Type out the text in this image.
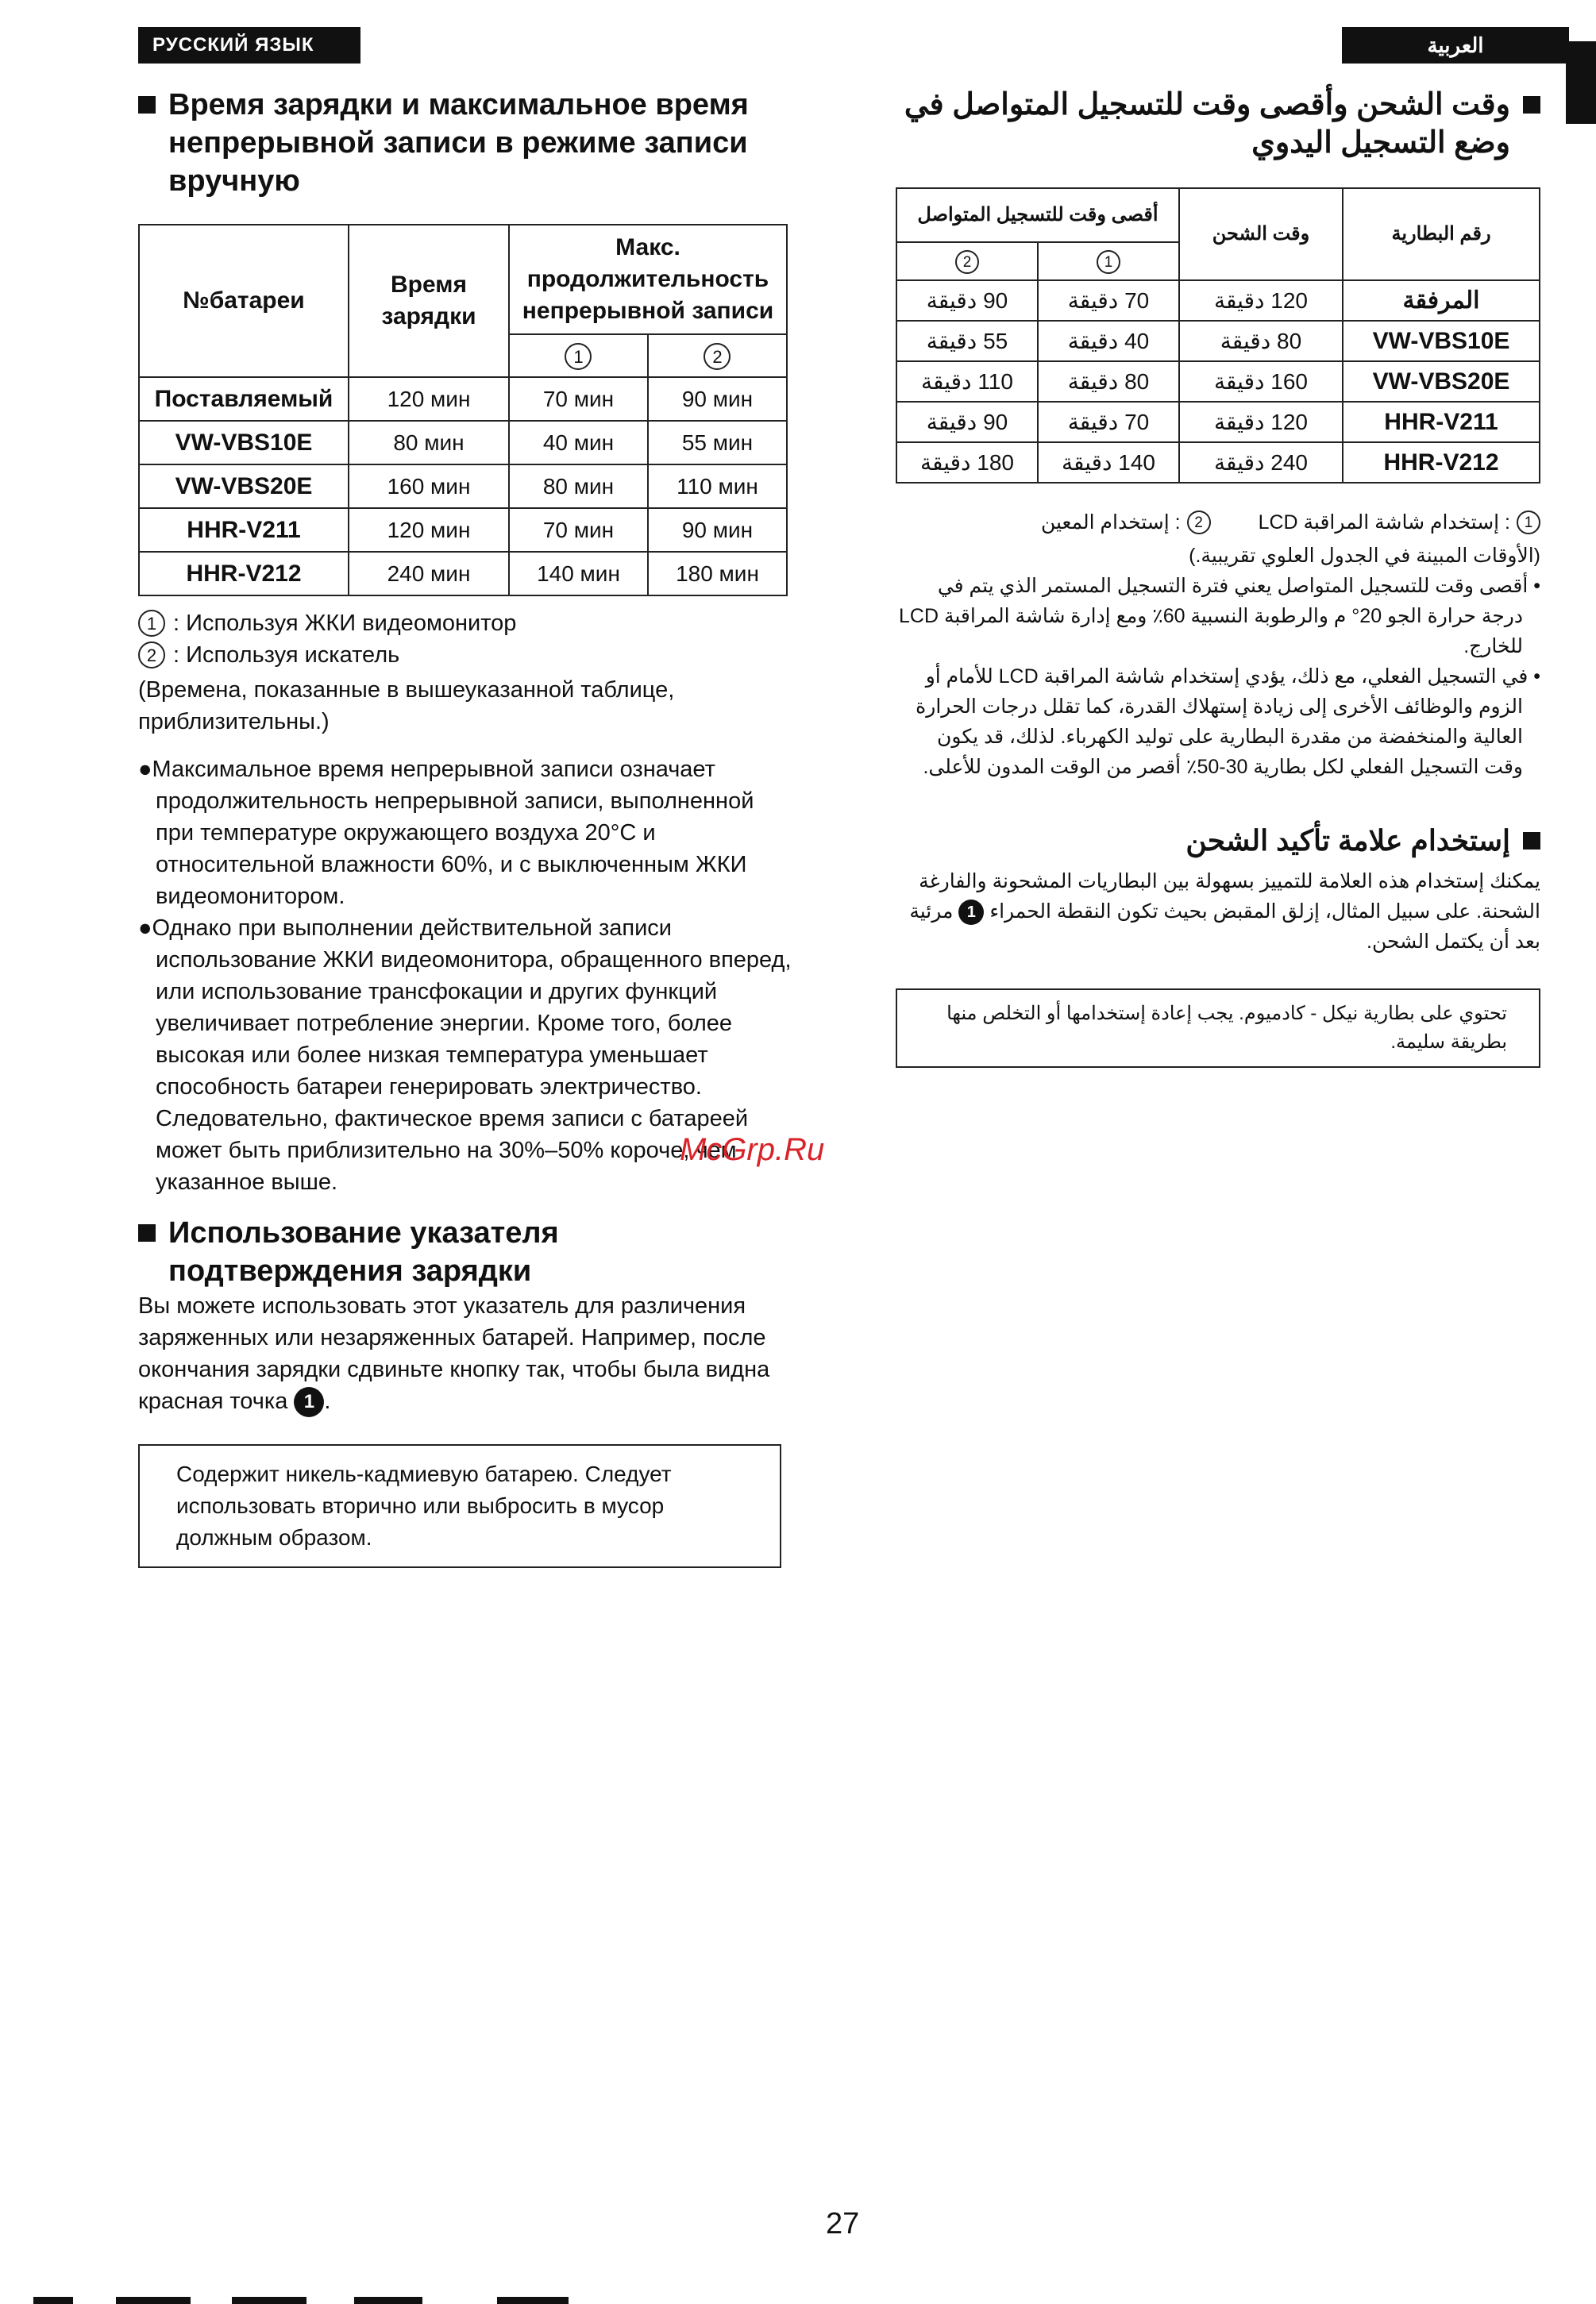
РУССКИЙ ЯЗЫК	العربية
Время зарядки и максимальное время непрерывной записи в режиме записи вручную
№батареи	Время зарядки	Макс. продолжительность непрерывной записи	
		1	2
Поставляемый	120 мин	70 мин	90 мин
VW-VBS10E	80 мин	40 мин	55 мин
VW-VBS20E	160 мин	80 мин	110 мин
HHR-V211	120 мин	70 мин	90 мин
HHR-V212	240 мин	140 мин	180 мин
1 : Используя ЖКИ видеомонитор
2 : Используя искатель

(Времена, показанные в вышеуказанной таблице, приблизительны.)

●Максимальное время непрерывной записи означает продолжительность непрерывной записи, выполненной при температуре окружающего воздуха 20°C и относительной влажности 60%, и с выключенным ЖКИ видеомонитором.

●Однако при выполнении действительной записи использование ЖКИ видеомонитора, обращенного вперед, или использование трансфокации и других функций увеличивает потребление энергии. Кроме того, более высокая или более низкая температура уменьшает способность батареи генерировать электричество. Следовательно, фактическое время записи с батареей может быть приблизительно на 30%–50% короче, чем указанное выше.

Использование указателя подтверждения зарядки

Вы можете использовать этот указатель для различения заряженных или незаряженных батарей. Например, после окончания зарядки сдвиньте кнопку так, чтобы была видна красная точка 1 .

Содержит никель-кадмиевую батарею. Следует использовать вторично или выбросить в мусор должным образом.
وقت الشحن وأقصى وقت للتسجيل المتواصل في وضع التسجيل اليدوي
رقم البطارية	وقت الشحن	أقصى وقت للتسجيل المتواصل	
		1	2
المرفقة	120 دقيقة	70 دقيقة	90 دقيقة
VW-VBS10E	80 دقيقة	40 دقيقة	55 دقيقة
VW-VBS20E	160 دقيقة	80 دقيقة	110 دقيقة
HHR-V211	120 دقيقة	70 دقيقة	90 دقيقة
HHR-V212	240 دقيقة	140 دقيقة	180 دقيقة
1
: إستخدام شاشة المراقبة LCD
2
: إستخدام المعين

(الأوقات المبينة في الجدول العلوي تقريبية.)

• أقصى وقت للتسجيل المتواصل يعني فترة التسجيل المستمر الذي يتم في درجة حرارة الجو 20° م والرطوبة النسبية 60٪ ومع إدارة شاشة المراقبة LCD للخارج.

• في التسجيل الفعلي، مع ذلك، يؤدي إستخدام شاشة المراقبة LCD للأمام أو الزوم والوظائف الأخرى إلى زيادة إستهلاك القدرة، كما تقلل درجات الحرارة العالية والمنخفضة من مقدرة البطارية على توليد الكهرباء. لذلك، قد يكون وقت التسجيل الفعلي لكل بطارية 30-50٪ أقصر من الوقت المدون للأعلى.

إستخدام علامة تأكيد الشحن

يمكنك إستخدام هذه العلامة للتمييز بسهولة بين البطاريات المشحونة والفارغة الشحنة. على سبيل المثال، إزلق المقبض بحيث تكون النقطة الحمراء 1 مرئية بعد أن يكتمل الشحن.

تحتوي على بطارية نيكل - كادميوم. يجب إعادة إستخدامها أو التخلص منها بطريقة سليمة.
McGrp.Ru
27
